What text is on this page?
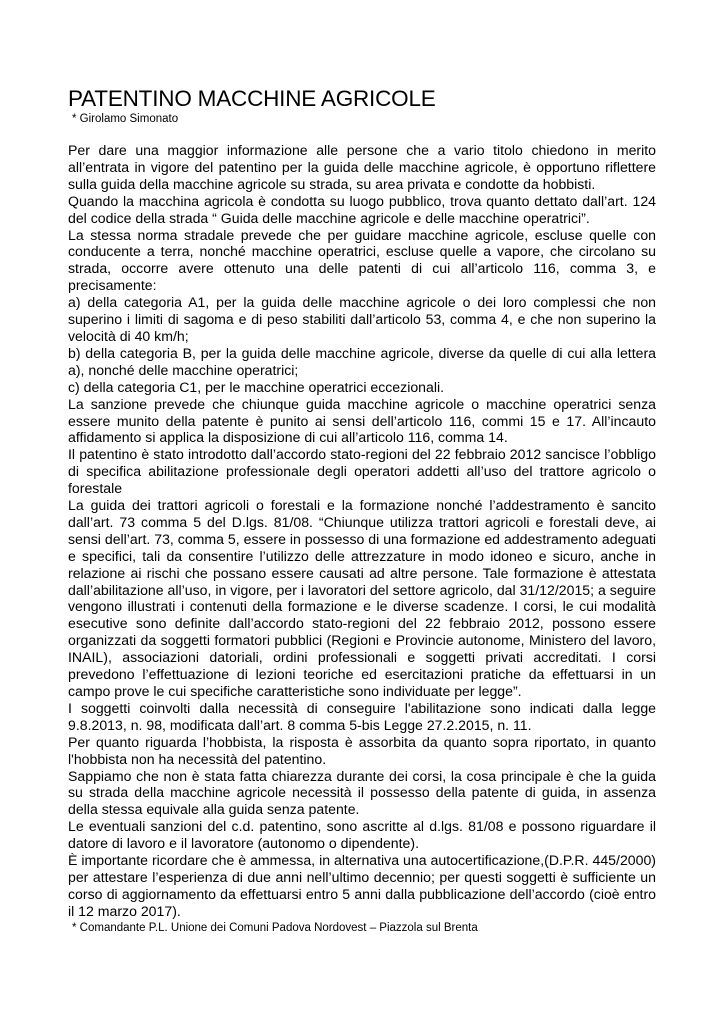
PATENTINO MACCHINE AGRICOLE

* Girolamo Simonato

Per dare una maggior informazione alle persone che a vario titolo chiedono in merito all’entrata in vigore del patentino per la guida delle macchine agricole, è opportuno riflettere sulla guida della macchine agricole su strada, su area privata e condotte da hobbisti.

Quando la macchina agricola è condotta su luogo pubblico, trova quanto dettato dall’art. 124 del codice della strada “ Guida delle macchine agricole e delle macchine operatrici”.

La stessa norma stradale prevede che per guidare macchine agricole, escluse quelle con conducente a terra, nonché macchine operatrici, escluse quelle a vapore, che circolano su strada, occorre avere ottenuto una delle patenti di cui all’articolo 116, comma 3, e precisamente:

a) della categoria A1, per la guida delle macchine agricole o dei loro complessi che non superino i limiti di sagoma e di peso stabiliti dall’articolo 53, comma 4, e che non superino la velocità di 40 km/h;

b) della categoria B, per la guida delle macchine agricole, diverse da quelle di cui alla lettera a), nonché delle macchine operatrici;

c) della categoria C1, per le macchine operatrici eccezionali.

La sanzione prevede che chiunque guida macchine agricole o macchine operatrici senza essere munito della patente è punito ai sensi dell’articolo 116, commi 15 e 17. All’incauto affidamento si applica la disposizione di cui all’articolo 116, comma 14.

Il patentino è stato introdotto dall’accordo stato-regioni del 22 febbraio 2012 sancisce l’obbligo di specifica abilitazione professionale degli operatori addetti all’uso del trattore agricolo o forestale

La guida dei trattori agricoli o forestali e la formazione nonché l’addestramento è sancito dall’art. 73 comma 5 del D.lgs. 81/08. “Chiunque utilizza trattori agricoli e forestali deve, ai sensi dell’art. 73, comma 5, essere in possesso di una formazione ed addestramento adeguati e specifici, tali da consentire l’utilizzo delle attrezzature in modo idoneo e sicuro, anche in relazione ai rischi che possano essere causati ad altre persone. Tale formazione è attestata dall’abilitazione all’uso, in vigore, per i lavoratori del settore agricolo, dal 31/12/2015; a seguire vengono illustrati i contenuti della formazione e le diverse scadenze. I corsi, le cui modalità esecutive sono definite dall’accordo stato-regioni del 22 febbraio 2012, possono essere organizzati da soggetti formatori pubblici (Regioni e Provincie autonome, Ministero del lavoro, INAIL), associazioni datoriali, ordini professionali e soggetti privati accreditati. I corsi prevedono l’effettuazione di lezioni teoriche ed esercitazioni pratiche da effettuarsi in un campo prove le cui specifiche caratteristiche sono individuate per legge”.

I soggetti coinvolti dalla necessità di conseguire l'abilitazione sono indicati dalla legge 9.8.2013, n. 98, modificata dall’art. 8 comma 5-bis Legge 27.2.2015, n. 11.

Per quanto riguarda l’hobbista, la risposta è assorbita da quanto sopra riportato, in quanto l'hobbista non ha necessità del patentino.

Sappiamo che non è stata fatta chiarezza durante dei corsi, la cosa principale è che la guida su strada della macchine agricole necessità il possesso della patente di guida, in assenza della stessa equivale alla guida senza patente.

Le eventuali sanzioni del c.d. patentino, sono ascritte al d.lgs. 81/08 e possono riguardare il datore di lavoro e il lavoratore (autonomo o dipendente).

È importante ricordare che è ammessa, in alternativa una autocertificazione,(D.P.R. 445/2000) per attestare l’esperienza di due anni nell’ultimo decennio; per questi soggetti è sufficiente un corso di aggiornamento da effettuarsi entro 5 anni dalla pubblicazione dell’accordo (cioè entro il 12 marzo 2017).

* Comandante P.L. Unione dei Comuni Padova Nordovest – Piazzola sul Brenta
